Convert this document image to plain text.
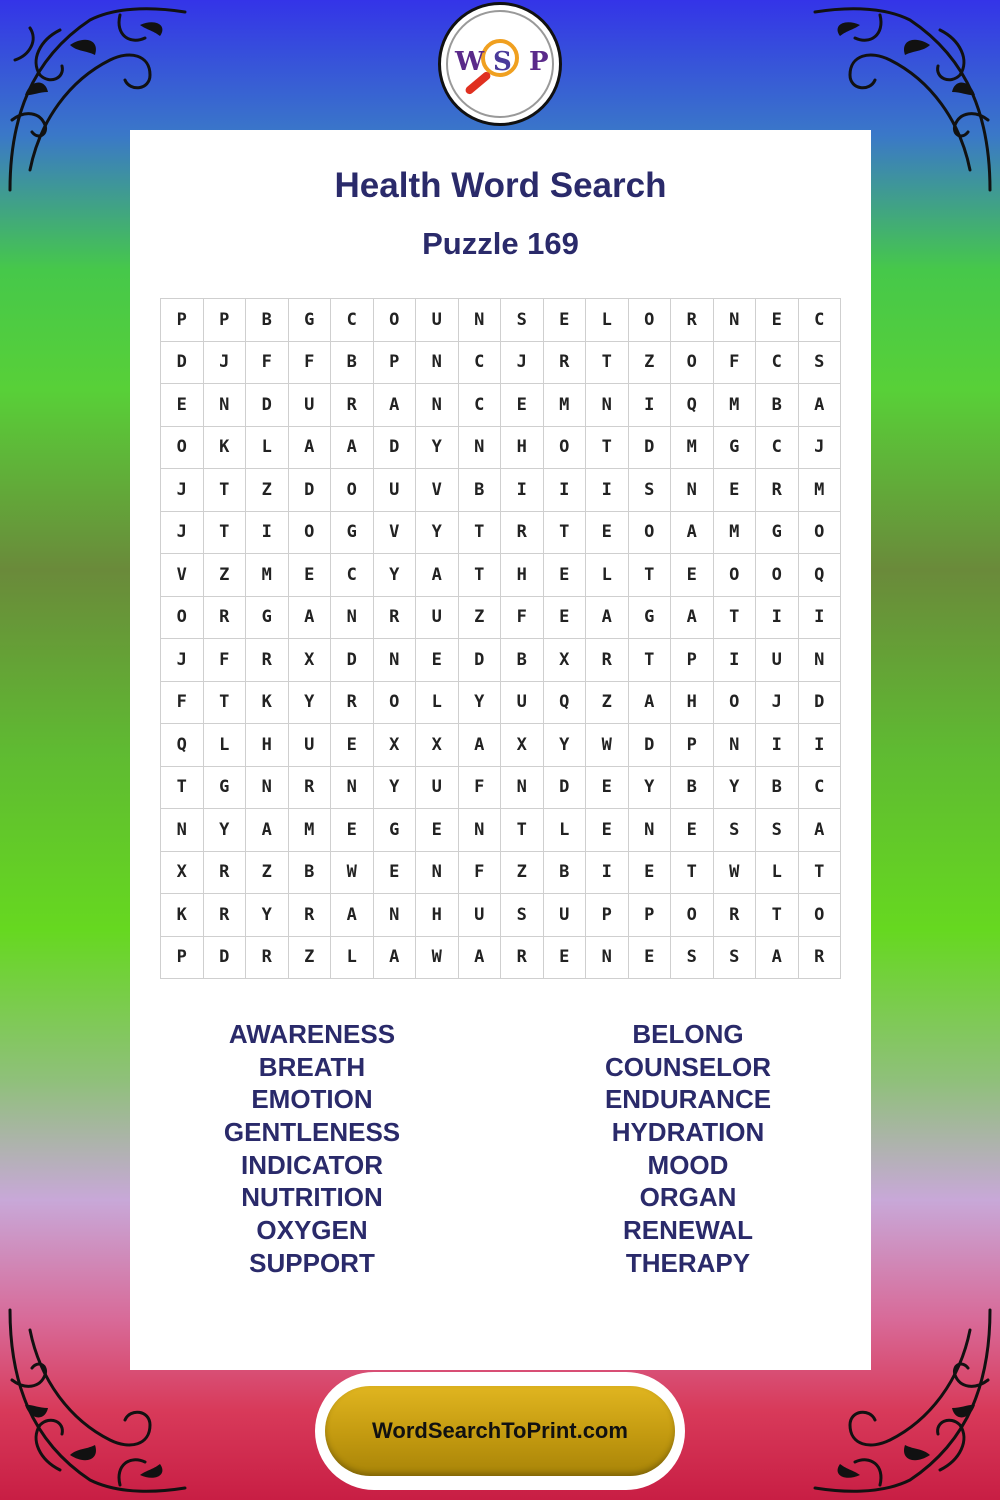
W S P
Health Word Search
Puzzle 169
P	P	B	G	C	O	U	N	S	E	L	O	R	N	E	C
D	J	F	F	B	P	N	C	J	R	T	Z	O	F	C	S
E	N	D	U	R	A	N	C	E	M	N	I	Q	M	B	A
O	K	L	A	A	D	Y	N	H	O	T	D	M	G	C	J
J	T	Z	D	O	U	V	B	I	I	I	S	N	E	R	M
J	T	I	O	G	V	Y	T	R	T	E	O	A	M	G	O
V	Z	M	E	C	Y	A	T	H	E	L	T	E	O	O	Q
O	R	G	A	N	R	U	Z	F	E	A	G	A	T	I	I
J	F	R	X	D	N	E	D	B	X	R	T	P	I	U	N
F	T	K	Y	R	O	L	Y	U	Q	Z	A	H	O	J	D
Q	L	H	U	E	X	X	A	X	Y	W	D	P	N	I	I
T	G	N	R	N	Y	U	F	N	D	E	Y	B	Y	B	C
N	Y	A	M	E	G	E	N	T	L	E	N	E	S	S	A
X	R	Z	B	W	E	N	F	Z	B	I	E	T	W	L	T
K	R	Y	R	A	N	H	U	S	U	P	P	O	R	T	O
P	D	R	Z	L	A	W	A	R	E	N	E	S	S	A	R
AWARENESS
BREATH
EMOTION
GENTLENESS
INDICATOR
NUTRITION
OXYGEN
SUPPORT
BELONG
COUNSELOR
ENDURANCE
HYDRATION
MOOD
ORGAN
RENEWAL
THERAPY
WordSearchToPrint.com
